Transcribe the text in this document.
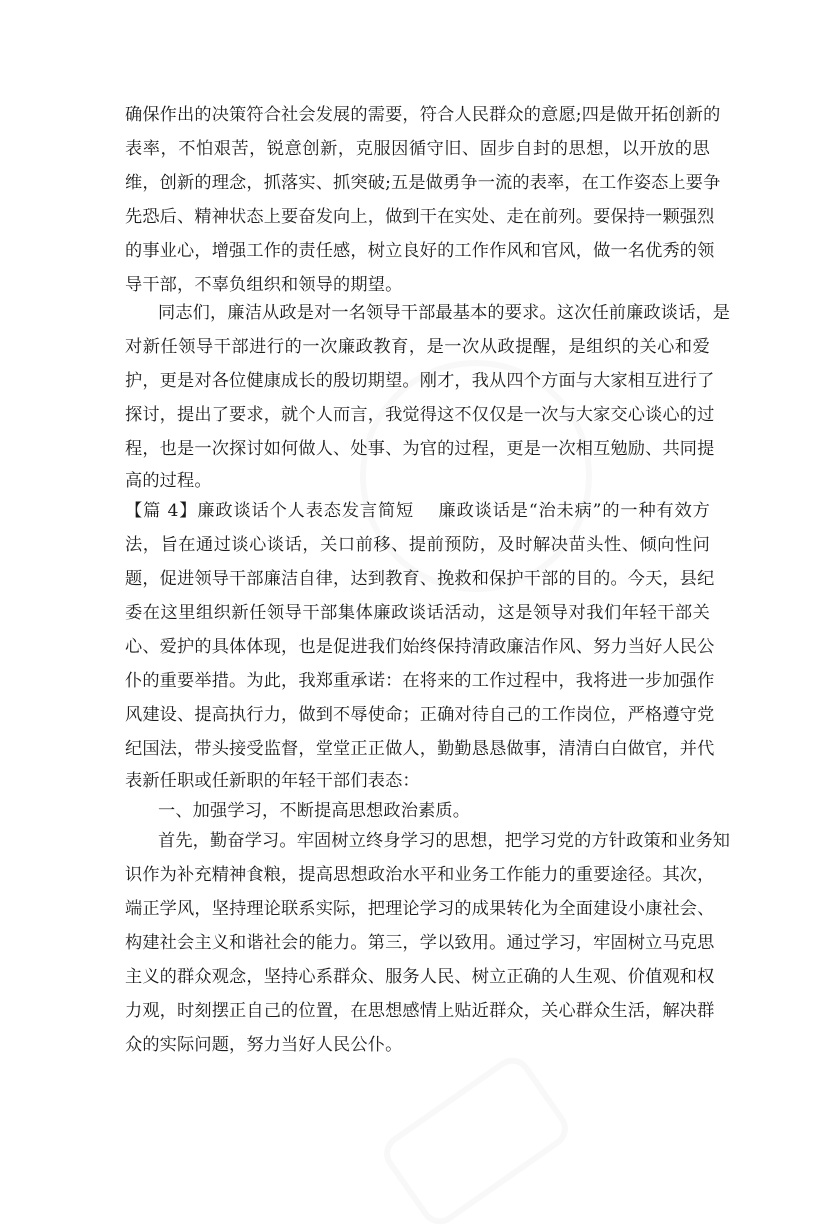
确保作出的决策符合社会发展的需要，符合人民群众的意愿;四是做开拓创新的
表率，不怕艰苦，锐意创新，克服因循守旧、固步自封的思想，以开放的思
维，创新的理念，抓落实、抓突破;五是做勇争一流的表率，在工作姿态上要争
先恐后、精神状态上要奋发向上，做到干在实处、走在前列。要保持一颗强烈
的事业心，增强工作的责任感，树立良好的工作作风和官风，做一名优秀的领
导干部，不辜负组织和领导的期望。
同志们，廉洁从政是对一名领导干部最基本的要求。这次任前廉政谈话，是
对新任领导干部进行的一次廉政教育，是一次从政提醒，是组织的关心和爱
护，更是对各位健康成长的殷切期望。刚才，我从四个方面与大家相互进行了
探讨，提出了要求，就个人而言，我觉得这不仅仅是一次与大家交心谈心的过
程，也是一次探讨如何做人、处事、为官的过程，更是一次相互勉励、共同提
高的过程。
【篇 4】廉政谈话个人表态发言简短　 廉政谈话是“治未病”的一种有效方
法，旨在通过谈心谈话，关口前移、提前预防，及时解决苗头性、倾向性问
题，促进领导干部廉洁自律，达到教育、挽救和保护干部的目的。今天，县纪
委在这里组织新任领导干部集体廉政谈话活动，这是领导对我们年轻干部关
心、爱护的具体体现，也是促进我们始终保持清政廉洁作风、努力当好人民公
仆的重要举措。为此，我郑重承诺：在将来的工作过程中，我将进一步加强作
风建设、提高执行力，做到不辱使命；正确对待自己的工作岗位，严格遵守党
纪国法，带头接受监督，堂堂正正做人，勤勤恳恳做事，清清白白做官，并代
表新任职或任新职的年轻干部们表态：
一、加强学习，不断提高思想政治素质。
首先，勤奋学习。牢固树立终身学习的思想，把学习党的方针政策和业务知
识作为补充精神食粮，提高思想政治水平和业务工作能力的重要途径。其次，
端正学风，坚持理论联系实际，把理论学习的成果转化为全面建设小康社会、
构建社会主义和谐社会的能力。第三，学以致用。通过学习，牢固树立马克思
主义的群众观念，坚持心系群众、服务人民、树立正确的人生观、价值观和权
力观，时刻摆正自己的位置，在思想感情上贴近群众，关心群众生活，解决群
众的实际问题，努力当好人民公仆。
